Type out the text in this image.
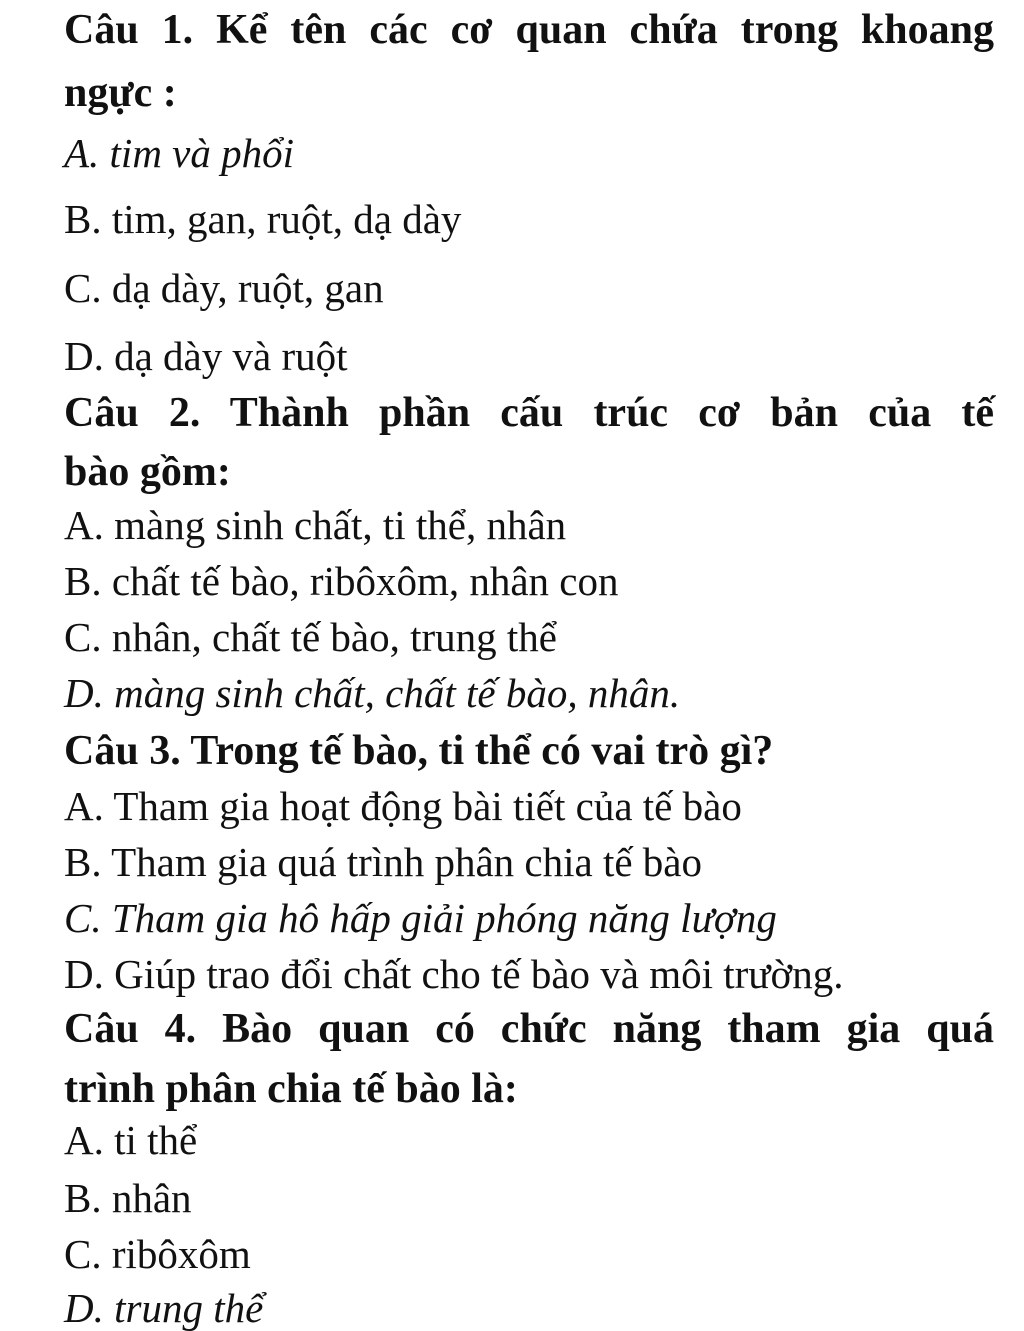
Câu 1. Kể tên các cơ quan chứa trong khoang
ngực :
A. tim và phổi
B. tim, gan, ruột, dạ dày
C. dạ dày, ruột, gan
D. dạ dày và ruột
Câu 2. Thành phần cấu trúc cơ bản của tế
bào gồm:
A. màng sinh chất, ti thể, nhân
B. chất tế bào, ribôxôm, nhân con
C. nhân, chất tế bào, trung thể
D. màng sinh chất, chất tế bào, nhân.
Câu 3. Trong tế bào, ti thể có vai trò gì?
A. Tham gia hoạt động bài tiết của tế bào
B. Tham gia quá trình phân chia tế bào
C. Tham gia hô hấp giải phóng năng lượng
D. Giúp trao đổi chất cho tế bào và môi trường.
Câu 4. Bào quan có chức năng tham gia quá
trình phân chia tế bào là:
A. ti thể
B. nhân
C. ribôxôm
D. trung thể
